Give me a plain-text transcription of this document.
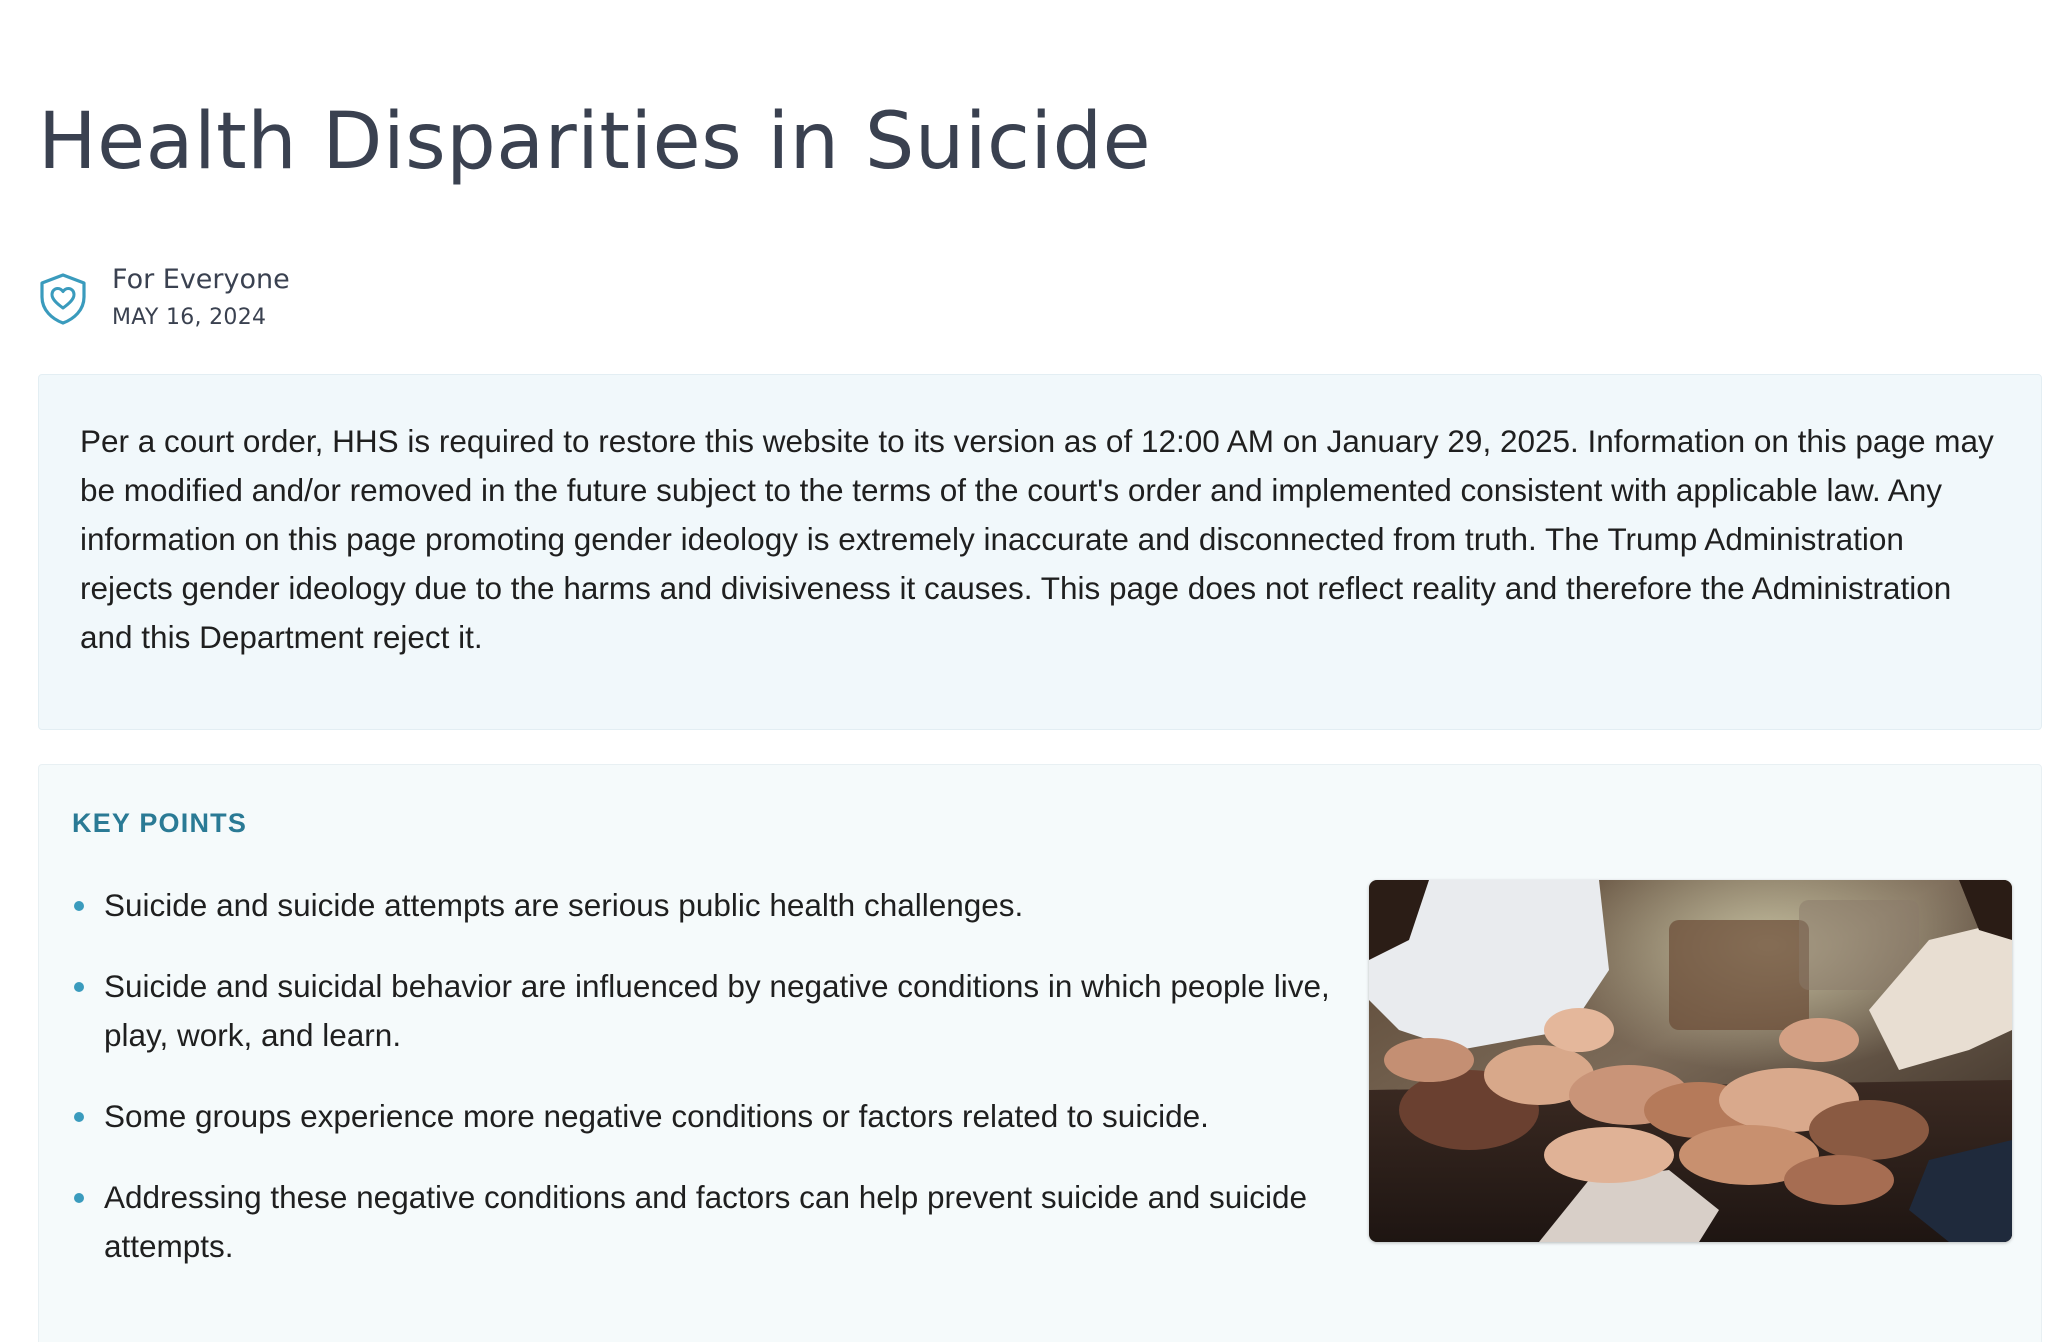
Health Disparities in Suicide
For Everyone
MAY 16, 2024

Per a court order, HHS is required to restore this website to its version as of 12:00 AM on January 29, 2025. Information on this page may be modified and/or removed in the future subject to the terms of the court's order and implemented consistent with applicable law. Any information on this page promoting gender ideology is extremely inaccurate and disconnected from truth. The Trump Administration rejects gender ideology due to the harms and divisiveness it causes. This page does not reflect reality and therefore the Administration and this Department reject it.

KEY POINTS
Suicide and suicide attempts are serious public health challenges.
Suicide and suicidal behavior are influenced by negative conditions in which people live, play, work, and learn.
Some groups experience more negative conditions or factors related to suicide.
Addressing these negative conditions and factors can help prevent suicide and suicide attempts.
